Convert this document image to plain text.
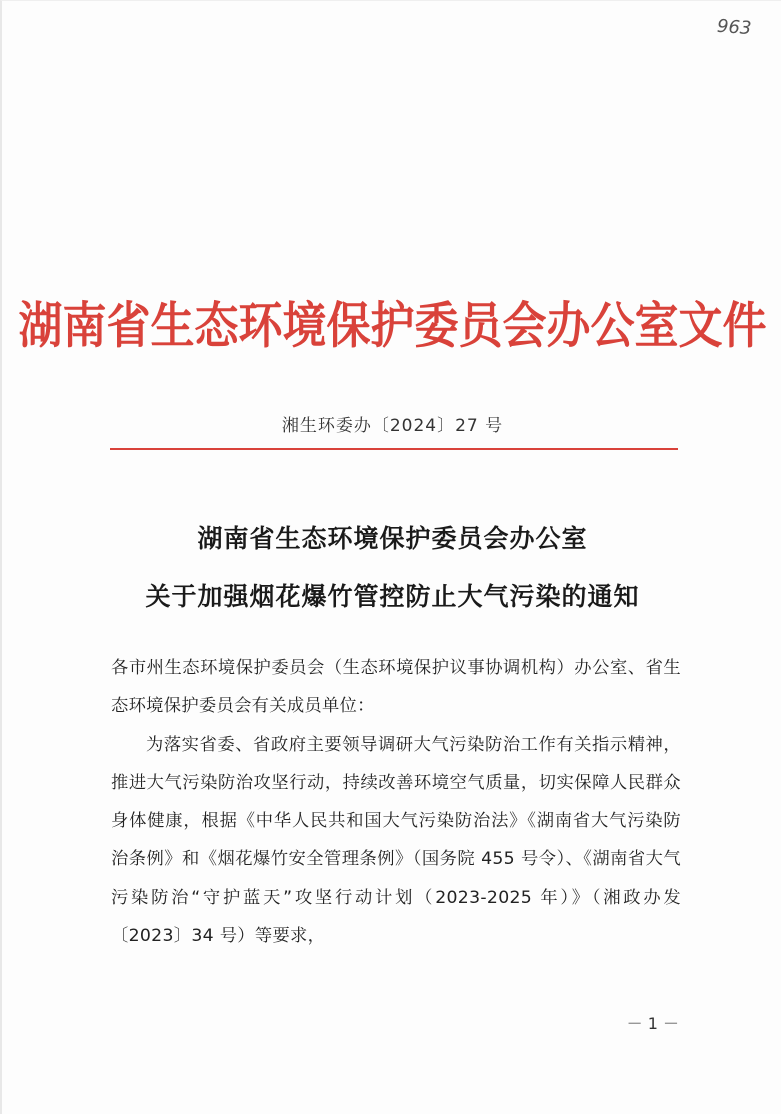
963
湖南省生态环境保护委员会办公室文件
湘生环委办〔2024〕27 号
湖南省生态环境保护委员会办公室
关于加强烟花爆竹管控防止大气污染的通知

各市州生态环境保护委员会（生态环境保护议事协调机构）办公室、省生态环境保护委员会有关成员单位：

为落实省委、省政府主要领导调研大气污染防治工作有关指示精神，推进大气污染防治攻坚行动，持续改善环境空气质量，切实保障人民群众身体健康，根据《中华人民共和国大气污染防治法》《湖南省大气污染防治条例》和《烟花爆竹安全管理条例》（国务院 455 号令）、《湖南省大气污染防治“守护蓝天”攻坚行动计划（2023-2025 年）》（湘政办发〔2023〕34 号）等要求，

－ 1 －
